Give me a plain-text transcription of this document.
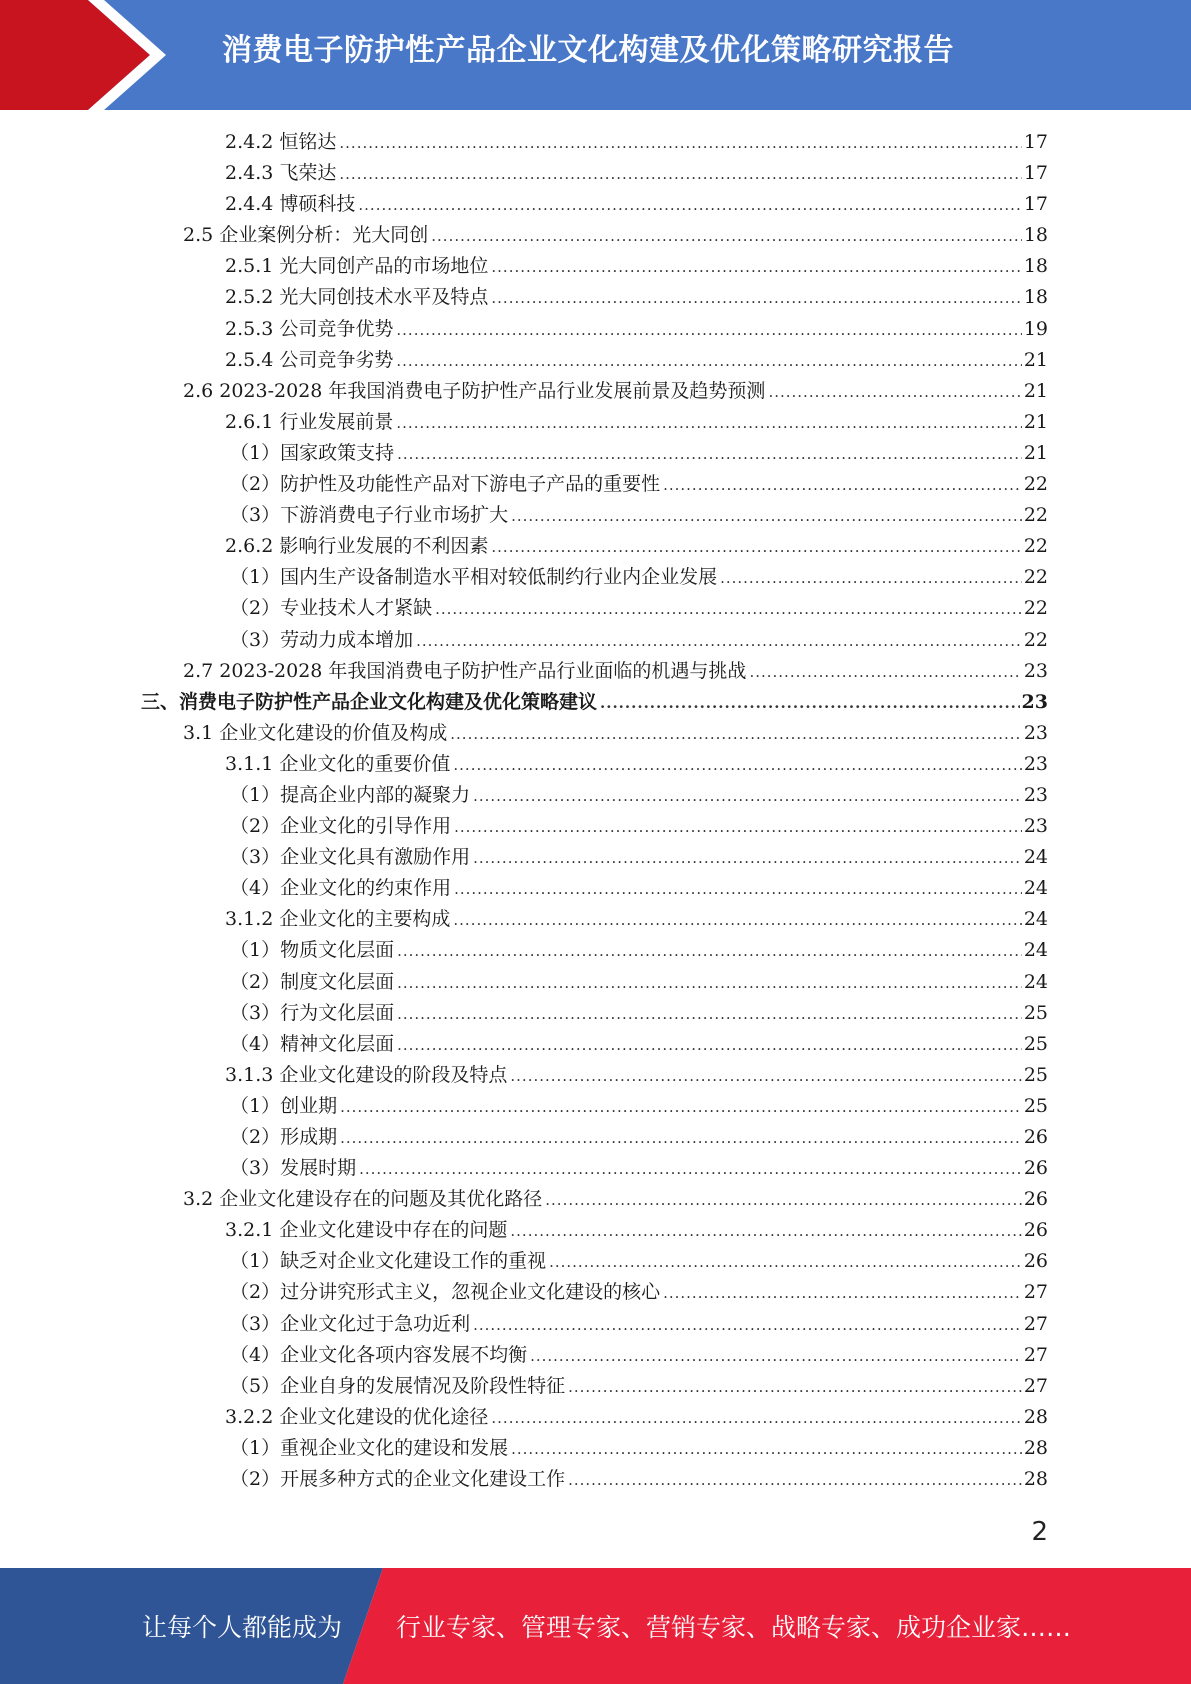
消费电子防护性产品企业文化构建及优化策略研究报告
2.4.2 恒铭达 .....	17
2.4.3 飞荣达 .....	17
2.4.4 博硕科技 .....	17
2.5 企业案例分析：光大同创 .....	18
2.5.1 光大同创产品的市场地位 .....	18
2.5.2 光大同创技术水平及特点 .....	18
2.5.3 公司竞争优势 .....	19
2.5.4 公司竞争劣势 .....	21
2.6 2023-2028 年我国消费电子防护性产品行业发展前景及趋势预测 .....	21
2.6.1 行业发展前景 .....	21
（1）国家政策支持 .....	21
（2）防护性及功能性产品对下游电子产品的重要性 .....	22
（3）下游消费电子行业市场扩大 .....	22
2.6.2 影响行业发展的不利因素 .....	22
（1）国内生产设备制造水平相对较低制约行业内企业发展 .....	22
（2）专业技术人才紧缺 .....	22
（3）劳动力成本增加 .....	22
2.7 2023-2028 年我国消费电子防护性产品行业面临的机遇与挑战 .....	23
三、消费电子防护性产品企业文化构建及优化策略建议 .....	23
3.1 企业文化建设的价值及构成 .....	23
3.1.1 企业文化的重要价值 .....	23
（1）提高企业内部的凝聚力 .....	23
（2）企业文化的引导作用 .....	23
（3）企业文化具有激励作用 .....	24
（4）企业文化的约束作用 .....	24
3.1.2 企业文化的主要构成 .....	24
（1）物质文化层面 .....	24
（2）制度文化层面 .....	24
（3）行为文化层面 .....	25
（4）精神文化层面 .....	25
3.1.3 企业文化建设的阶段及特点 .....	25
（1）创业期 .....	25
（2）形成期 .....	26
（3）发展时期 .....	26
3.2 企业文化建设存在的问题及其优化路径 .....	26
3.2.1 企业文化建设中存在的问题 .....	26
（1）缺乏对企业文化建设工作的重视 .....	26
（2）过分讲究形式主义，忽视企业文化建设的核心 .....	27
（3）企业文化过于急功近利 .....	27
（4）企业文化各项内容发展不均衡 .....	27
（5）企业自身的发展情况及阶段性特征 .....	27
3.2.2 企业文化建设的优化途径 .....	28
（1）重视企业文化的建设和发展 .....	28
（2）开展多种方式的企业文化建设工作 .....	28
2
让每个人都能成为 行业专家、管理专家、营销专家、战略专家、成功企业家……
